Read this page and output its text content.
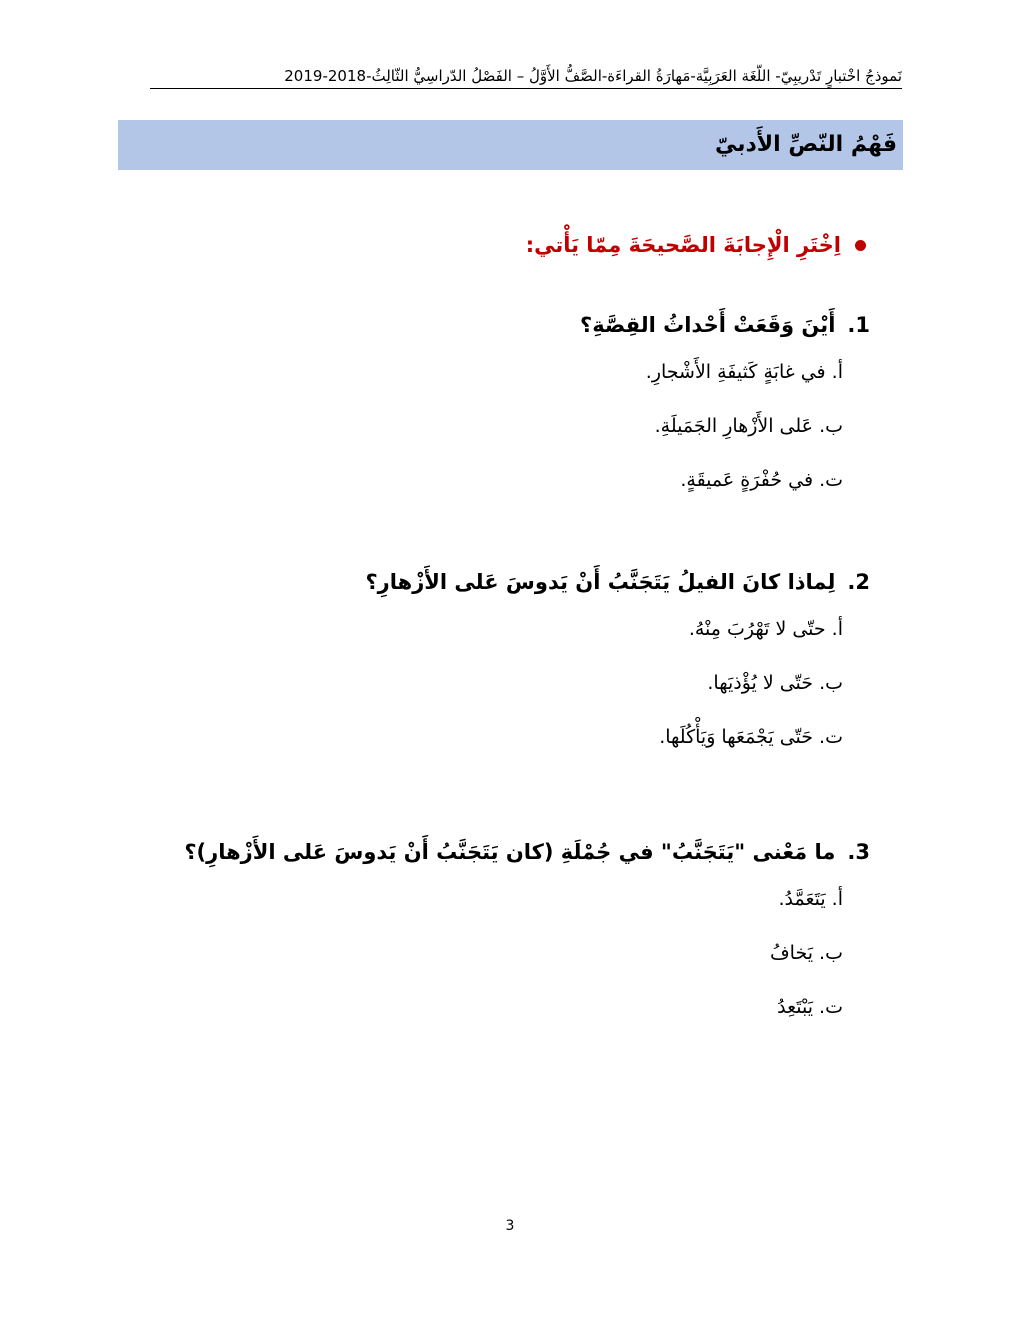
نَموذجُ اخْتبارٍ تَدْريبِيّ- اللُّغَة العَرَبِيَّة-مَهارَةُ القراءَة-الصَّفُّ الأَوَّلُ – الفَصْلُ الدّراسِيُّ الثّالِثُ-2018-2019
فَهْمُ النّصِّ الأَدبيّ
اِخْتَرِ الْإِجابَةَ الصَّحيحَةَ مِمّا يَأْتي:
1.
أَيْنَ وَقَعَتْ أَحْداثُ القِصَّةِ؟
أ. في غابَةٍ كَثيفَةِ الأَشْجارِ.
ب. عَلى الأَزْهارِ الجَمَيلَةِ.
ت. في حُفْرَةٍ عَميقَةٍ.
2.
لِماذا كانَ الفيلُ يَتَجَنَّبُ أَنْ يَدوسَ عَلى الأَزْهارِ؟
أ. حتّى لا تَهْرُبَ مِنْهُ.
ب. حَتّى لا يُؤْذيَها.
ت. حَتّى يَجْمَعَها وَيَأْكُلَها.
3.
ما مَعْنى "يَتَجَنَّبُ" في جُمْلَةِ (كان يَتَجَنَّبُ أَنْ يَدوسَ عَلى الأَزْهارِ)؟
أ. يَتَعَمَّدُ.
ب. يَخافُ
ت. يَبْتَعِدُ
3
